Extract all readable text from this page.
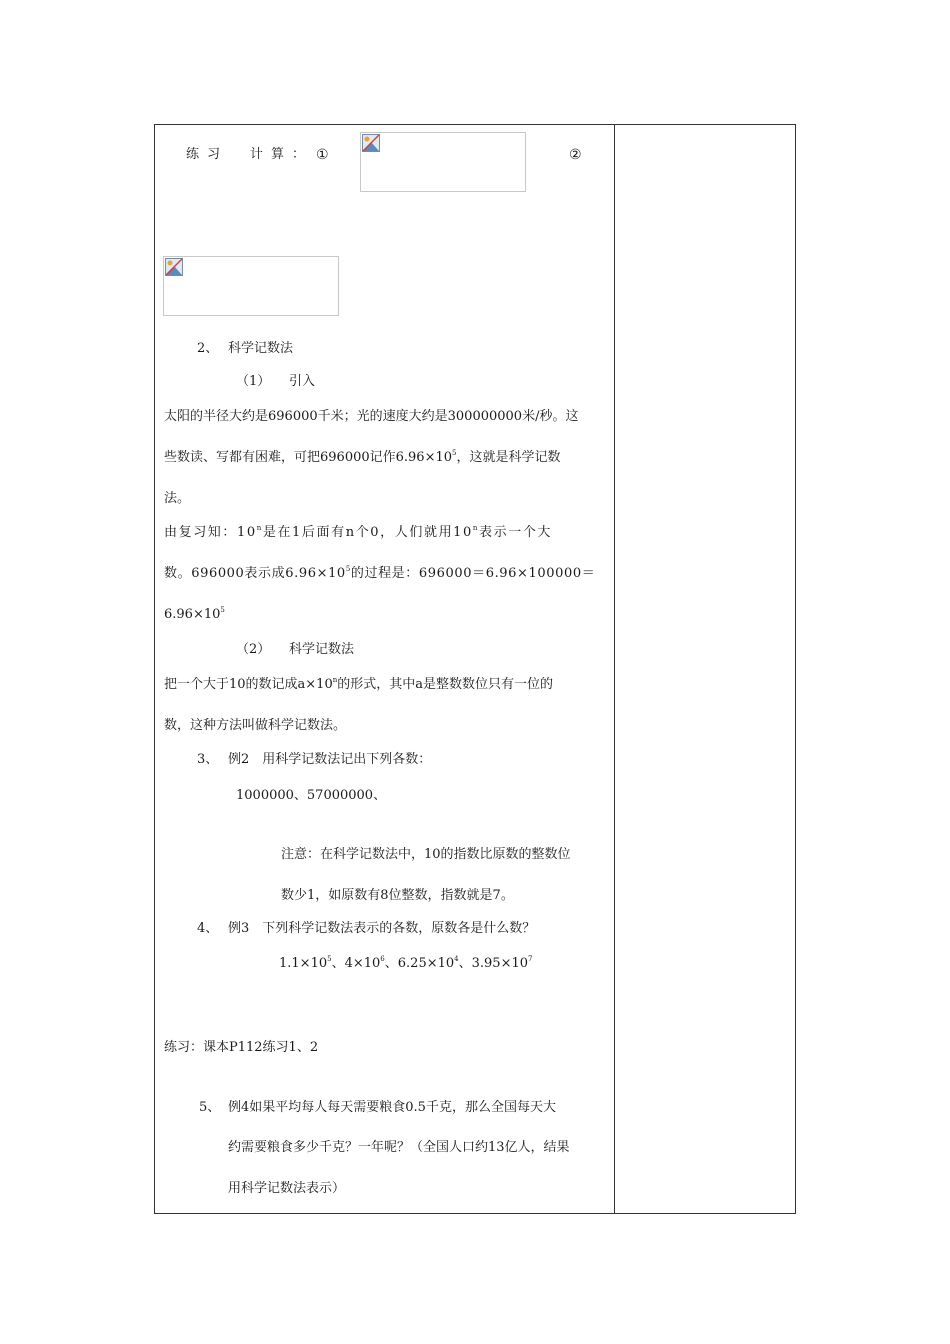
练习 计算： ①	②
2、 科学记数法
（1） 引入
太阳的半径大约是696000千米；光的速度大约是300000000米/秒。这
些数读、写都有困难，可把696000记作$6.96\times 10^5$，这就是科学记数
法。
由复习知：10$^n$是在1后面有n个0，人们就用10$^n$表示一个大
数。696000表示成$6.96\times 10^5$的过程是：696000＝6.96×100000＝
$6.96\times 10^5$
（2） 科学记数法
把一个大于10的数记成$a\times 10^n$的形式，其中a是整数数位只有一位的
数，这种方法叫做科学记数法。
3、 例2　用科学记数法记出下列各数：
1000000、57000000、
注意：在科学记数法中，10的指数比原数的整数位
数少1，如原数有8位整数，指数就是7。
4、 例3　下列科学记数法表示的各数，原数各是什么数？
$1.1\times 10^5$、$4\times 10^6$、$6.25\times 10^4$、$3.95\times 10^7$
练习：课本P112练习1、2
5、 例4如果平均每人每天需要粮食0.5千克，那么全国每天大
约需要粮食多少千克？一年呢？（全国人口约13亿人，结果
用科学记数法表示）
